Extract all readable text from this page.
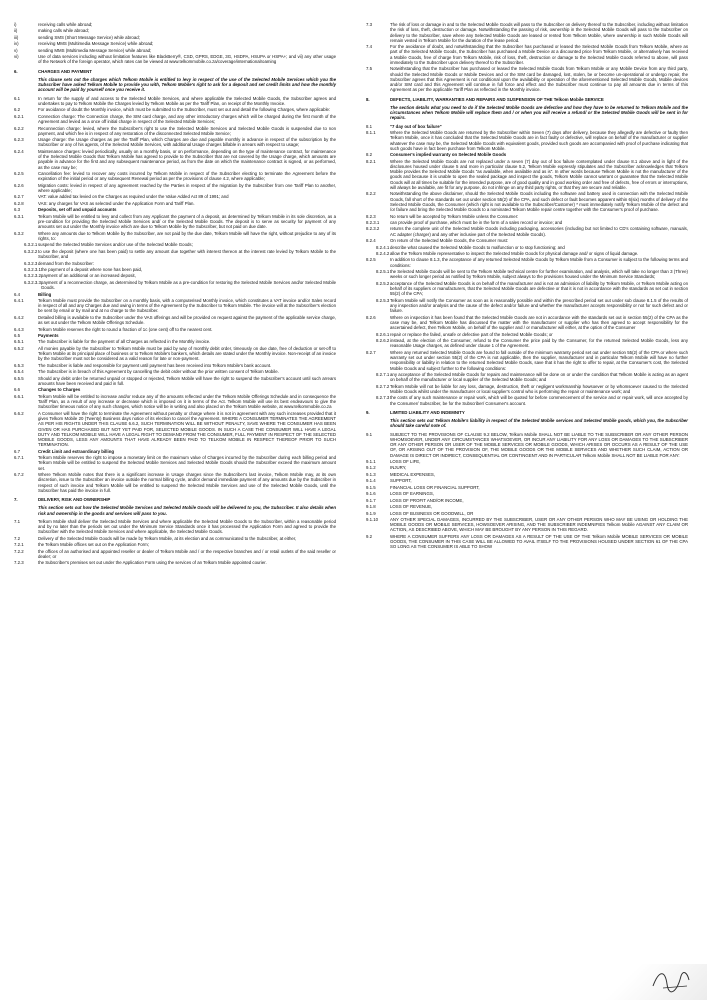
i)	receiving calls while abroad;
ii)	making calls while abroad;
iii)	sending SMS (Short Message Service) while abroad;
iv)	receiving MMS (Multimedia Message Service) while abroad;
v)	sending MMS (Multimedia Message Service) while abroad;
vi)	Use of data services including without limitation features like BlackBerry®, CSD, GPRS, EDGE, 3G, HSDPA, HSUPA or HSPA+; and vii) any other usage of the Network of the foreign operator, which rates can be viewed at www.telkommobile.co.za/coverage/internationalroaming
6.	CHARGES AND PAYMENT
This clause sets out the charges which Telkom Mobile is entitled to levy in respect of the use of the Selected Mobile Services which you the Subscriber have asked Telkom Mobile to provide you with, Telkom Mobile's right to ask for a deposit and set credit limits and how the monthly account will be paid by yourself once you receive it.
6.1	In return for the supply of and access to the Selected Mobile Services, and where applicable the Selected Mobile Goods, the Subscriber agrees and undertakes to pay to Telkom Mobile the Charges levied by Telkom Mobile as per the Tariff Plan, on receipt of the Monthly Invoice.
6.2	For avoidance of doubt the Monthly invoice, which must be submitted to the Subscriber, must set out and detail the following Charges, where applicable:
6.2.1	Connection charge: The Connection charge, the SIM card charge, and any other introductory charges which will be charged during the first month of the Agreement and levied as a once off initial charge in respect of the Selected Mobile Services;
6.2.2	Reconnection charge: levied, where the Subscriber's right to use the Selected Mobile Services and Selected Mobile Goods is suspended due to non payment, and which fee is in respect of any restoration of the disconnected Selected Mobile Service;
6.2.3	Usage charge: the Usage charges as per the Tariff Plan, which Charges are due and payable monthly in advance in respect of the subscription by the Subscriber or any of his agents, of the Selected Mobile Services, with additional Usage charges billable in arrears with respect to usage;
6.2.4	Maintenance charges: levied periodically, usually on a monthly basis, or on performance, depending on the type of maintenance contract, for maintenance of the Selected Mobile Goods that Telkom Mobile has agreed to provide to the Subscriber that are not covered by the Usage charge, which amounts are payable in advance for the first and any subsequent maintenance period, as from the date on which the maintenance contract is signed, or as performed, as the case may be;
6.2.5	Cancellation fee: levied to recover any costs incurred by Telkom Mobile in respect of the Subscriber electing to terminate the Agreement before the expiration of the initial period or any subsequent Renewal period as per the provisions of clause 4.2, where applicable;
6.2.6	Migration costs: levied in respect of any agreement reached by the Parties in respect of the migration by the Subscriber from one Tariff Plan to another, where applicable;
6.2.7	VAT: value added tax levied on the Charges as required under the Value Added Act 89 of 1991; and
6.2.8	VAS: any charges for VAS as selected under the Application Form and Tariff Plan.
6.3	Deposits, set off and unpaid accounts
6.3.1	Telkom Mobile will be entitled to levy and collect from any Applicant the payment of a deposit, as determined by Telkom Mobile in its sole discretion, as a pre-condition for providing the Selected Mobile Services and/ or the Selected Mobile Goods. The deposit is to serve as security for payment of any amounts set out under the Monthly invoice which are due to Telkom Mobile by the Subscriber, but not paid on due date.
6.3.2	Where any amounts due to Telkom Mobile by the Subscriber, are not paid by the due date, Telkom Mobile will have the right, without prejudice to any of its rights, to:
6.3.2.1 suspend the Selected Mobile Services and/or use of the Selected Mobile Goods;
6.3.2.2 to use the deposit (where one has been paid) to settle any amount due together with interest thereon at the interest rate levied by Telkom Mobile to the Subscriber, and
6.3.2.3 demand from the Subscriber:
6.3.2.3.1 the payment of a deposit where none has been paid,
6.3.2.3.2 payment of an additional or an increased deposit,
6.3.2.3.3 payment of a reconnection charge, as determined by Telkom Mobile as a pre-condition for restoring the Selected Mobile Services and/or Selected Mobile Goods.
6.4	Billing
6.4.1	Telkom Mobile must provide the Subscriber on a monthly basis, with a computerised Monthly invoice, which constitutes a VAT invoice and/or Sales record in respect of all and any Charges due and owing in terms of the Agreement by the Subscriber to Telkom Mobile. The invoice will at the Subscriber's election be sent by email or by mail and at no charge to the Subscriber.
6.4.2	Detailed billing is available to the Subscriber under the VAS offerings and will be provided on request against the payment of the applicable service charge, as set out under the Telkom Mobile Offerings Schedule.
6.4.3	Telkom Mobile reserves the right to round a fraction of 1c (one cent) off to the nearest cent.
6.5	Payments
6.5.1	The Subscriber is liable for the payment of all Charges as reflected in the Monthly invoice.
6.5.2	All monies payable by the Subscriber to Telkom Mobile must be paid by way of monthly debit order, timeously on due date, free of deduction or set-off to Telkom Mobile at its principal place of business or to Telkom Mobile's bankers, which details are stated under the Monthly invoice. Non-receipt of an invoice by the Subscriber must not be considered as a valid reason for late or non-payment.
6.5.3	The Subscriber is liable and responsible for payment until payment has been received into Telkom Mobile's bank account.
6.5.4	The Subscriber is in breach of this Agreement by cancelling the debit order without the prior written consent of Telkom Mobile.
6.5.5	Should any debit order be returned unpaid or stopped or rejected, Telkom Mobile will have the right to suspend the Subscriber's account until such arrears amounts have been received and paid in full.
6.6	Changes to Charges
6.6.1	Telkom Mobile will be entitled to increase and/or reduce any of the amounts reflected under the Telkom Mobile Offerings Schedule and in consequence the Tariff Plan, as a result of any increase or decrease which is imposed on it in terms of the Act. Telkom Mobile will use its best endeavours to give the Subscriber timeous notice of any such changes, which notice will be in writing and also placed on the Telkom Mobile website, at www.telkommobile.co.za
6.6.2	A Consumer will have the right to terminate the Agreement without penalty or charge where it is not in agreement with any such increases provided that it gives Telkom Mobile 20 (Twenty) Business days notice of its election to cancel the Agreement. WHERE A CONSUMER TERMINATES THE AGREEMENT AS PER HIS RIGHTS UNDER THIS CLAUSE 6.6.2, SUCH TERMINATION WILL BE WITHOUT PENALTY, SAVE WHERE THE CONSUMER HAS BEEN GIVEN OR HAS PURCHASED BUT NOT YET PAID FOR, SELECTED MOBILE GOODS. IN SUCH A CASE THE CONSUMER WILL HAVE A LEGAL DUTY AND TELKOM MOBILE WILL HAVE A LEGAL RIGHT TO DEMAND FROM THE CONSUMER, FULL PAYMENT IN RESPECT OF THE SELECTED MOBILE GOODS, LESS ANY AMOUNTS THAT HAVE ALREADY BEEN PAID TO TELKOM MOBILE IN RESPECT THEREOF PRIOR TO SUCH TERMINATION.
6.7	Credit Limit and extraordinary billing
6.7.1	Telkom Mobile reserves the right to impose a monetary limit on the maximum value of Charges incurred by the Subscriber during each billing period and Telkom Mobile will be entitled to suspend the Selected Mobile Services and Selected Mobile Goods should the Subscriber exceed the maximum amount set.
6.7.2	Where Telkom Mobile notes that there is a significant increase in Usage charges since the Subscriber's last invoice, Telkom Mobile may, at its own discretion, issue to the Subscriber an invoice outside the normal billing cycle, and/or demand immediate payment of any amounts due by the Subscriber in respect of such invoice and Telkom Mobile will be entitled to suspend the Selected Mobile Services and use of the Selected Mobile Goods, until the Subscriber has paid the invoice in full.
7.	DELIVERY, RISK AND OWNERSHIP
This section sets out how the Selected Mobile Services and Selected Mobile Goods will be delivered to you, the Subscriber. It also details when risk and ownership in the goods and services will pass to you.
7.1	Telkom Mobile shall deliver the Selected Mobile Services and where applicable the Selected Mobile Goods to the Subscriber, within a reasonable period and by no later than the periods set out under the Minimum Service Standards once it has processed the Application Form and agreed to provide the Subscriber with the Selected Mobile Services and where applicable, the Selected Mobile Goods.
7.2	Delivery of the Selected Mobile Goods will be made by Telkom Mobile, at its election and as communicated to the Subscriber, at either,
7.2.1	the Telkom Mobile offices set out on the Application Form;
7.2.2	the offices of an authorised and appointed reseller or dealer of Telkom Mobile and / or the respective branches and / or retail outlets of the said reseller or dealer; or
7.2.3	the Subscriber's premises set out under the Application Form using the services of an Telkom Mobile appointed courier.
7.3	The risk of loss or damage in and to the Selected Mobile Goods will pass to the Subscriber on delivery thereof to the Subscriber, including without limitation the risk of loss, theft, destruction or damage. Notwithstanding the passing of risk, ownership in the Selected Mobile Goods will pass to the Subscriber on delivery to the Subscriber, save where any Selected Mobile Goods are leased or rented from Telkom Mobile, where ownership in such Mobile Goods will remain vested in Telkom Mobile for the duration of the lease period.
7.4	For the avoidance of doubt, and notwithstanding that the Subscriber has purchased or leased the Selected Mobile Goods from Telkom Mobile, where as part of the Selected Mobile Goods, the Subscriber has purchased a Mobile Device at a discounted price from Telkom Mobile, or alternatively has received a Mobile Goods, free of charge from Telkom Mobile, risk of loss, theft, destruction or damage to the Selected Mobile Goods referred to above, will pass immediately to the Subscriber upon delivery thereof to the Subscriber.
7.5	Notwithstanding that the Subscriber has purchased or leased the Selected Mobile Goods from Telkom Mobile or any Mobile Device from any third party, should the Selected Mobile Goods or Mobile Devices and or the SIM card be damaged, lost, stolen, be or become un-operational or undergo repair, the Subscriber agrees that this Agreement is not conditional upon the availability or operation of the aforementioned Selected Mobile Goods, Mobile devices and/or SIM card and this Agreement will continue in full force and effect and the Subscriber must continue to pay all amounts due in terms of this Agreement as per the applicable Tariff Plan as reflected in the Monthly invoice.
8.	DEFECTS, LIABILITY, WARRANTIES AND REPAIRS AND SUSPENSION OF THE Telkom Mobile SERVICE
The section details what you need to do if the Selected Mobile Goods are defective and how they have to be returned to Telkom Mobile and the circumstances when Telkom Mobile will replace them and / or when you will receive a refund/ or the Selected Mobile Goods will be sent in for repairs.
8.1	"7 day out of box failure"
8.1.1	Where the Selected Mobile Goods are returned by the Subscriber within Seven (7) days after delivery, because they allegedly are defective or faulty then Telkom Mobile, once it has concluded that the Selected Mobile Goods are in fact faulty or defective, will replace on behalf of the manufacturer or supplier whatever the case may be, the Selected Mobile Goods with equivalent goods, provided such goods are accompanied with proof of purchase indicating that such goods have in fact been purchase from Telkom Mobile.
8.2	Consumer's implied warranty on Selected Mobile Goods
8.2.1	Where the Selected Mobile Goods are not replaced under a seven (7) day out of box failure contemplated under clause 8.1 above and in light of the disclosures housed under clause 5 and more in particular clause 5.2, Telkom Mobile expressly stipulates and the Subscriber acknowledges that Telkom Mobile provides the Selected Mobile Goods "as available, when available and as is". In other words because Telkom Mobile is not the manufacturer of the goods and because it is unable to open the sealed package and inspect the goods, Telkom Mobile cannot warrant or guarantee that the Selected Mobile Goods will at all times be suitable for the intended purpose, are of good quality and in good working order and free of defects, free of errors or interruptions, will always be available, are fit for any purpose, do not infringe on any third party rights, or that they are secure and reliable.
8.2.2	Notwithstanding the above disclaimer, should the Selected Mobile Goods including the software and battery used in connection with the Selected Mobile Goods, fall short of the standards set out under section 55(2) of the CPA, and such defect or fault becomes apparent within 6(six) months of delivery of the Selected Mobile Goods, the Consumer (which right is not available to the Subscriber/Customer) * must immediately notify Telkom Mobile of the defect and /or failure and bring the Selected Mobile Goods to a nominated Telkom Mobile repair centre together with the Consumer's proof of purchase.
8.2.3	No return will be accepted by Telkom Mobile unless the Consumer:
8.2.3.1	can provide proof of purchase, which must be in the form of a sales record or invoice; and
8.2.3.2	returns the complete unit of the Selected Mobile Goods including packaging, accessories (including but not limited to CD's containing software, manuals, AC adapter (charger) and any other inclusive part of the Selected Mobile Goods).
8.2.4	On return of the Selected Mobile Goods, the Consumer must:
8.2.4.1 describe what caused the Selected Mobile Goods to malfunction or to stop functioning; and
8.2.4.2 allow the Telkom Mobile representative to inspect the Selected Mobile Goods for physical damage and/ or signs of liquid damage.
8.2.5	In addition to clause 8.1.3, the acceptance of any returned Selected Mobile Goods by Telkom Mobile from a Consumer is subject to the following terms and conditions:
8.2.5.1 the Selected Mobile Goods will be sent to the Telkom Mobile technical centre for further examination, and analysis, which will take no longer than 3 (Three) weeks or such longer period as notified by Telkom Mobile, subject always to the provisions housed under the Minimum Service Standards;
8.2.5.2 acceptance of the Selected Mobile Goods is on behalf of the manufacturer and is not an admission of liability by Telkom Mobile, or Telkom Mobile acting on behalf of its suppliers or manufacturers, that the Selected Mobile Goods are defective or that it is not in accordance with the standards as set out in section 55(2) of the CPA;
8.2.5.3 Telkom Mobile will notify the Consumer as soon as is reasonably possible and within the prescribed period set out under sub clause 8.1.5 of the results of any inspection and/or analysis and the cause of the defect and/or failure and whether the manufacturer accepts responsibility or not for such defect and or failure.
8.2.6	Where on inspection it has been found that the Selected Mobile Goods are not in accordance with the standards set out in section 55(2) of the CPA as the case may be, and Telkom Mobile has discussed the matter with the manufacturer or supplier who has then agreed to accept responsibility for the ascertained defect, then Telkom Mobile, on behalf of the supplier and / or manufacturer will either, at the option of the Consumer
8.2.6.1 repair or replace the failed, unsafe or defective part of the Selected Mobile Goods; or
8.2.6.2 instead, at the election of the Consumer, refund to the Consumer the price paid by the Consumer, for the returned Selected Mobile Goods, less any reasonable Usage charges, as defined under clause 1 of the Agreement.
8.2.7	Where any returned Selected Mobile Goods are found to fall outside of the minimum warranty period set out under section 55(2) of the CPA or where such warranty set out under section 55(2) of the CPA is not applicable, then the supplier, manufacturer and in particular Telkom Mobile will have no further responsibility or liability in relation to the returned Selected Mobile Goods, save that it has the right to offer to repair, at the Consumer's cost, the Selected Mobile Goods and subject further to the following conditions:
8.2.7.1 any acceptance of the Selected Mobile Goods for repairs and maintenance will be done on or under the condition that Telkom Mobile is acting as an agent on behalf of the manufacturer or local supplier of the Selected Mobile Goods; and
8.2.7.2 Telkom Mobile will not be liable for any loss, damage, destruction, theft or negligent workmanship howsoever or by whomsoever caused to the Selected Mobile Goods whilst under the manufacturer or local supplier's control who is performing the repair or maintenance work; and
8.2.7.3 the costs of any such maintenance or repair work, which will be quoted for before commencement of the service and or repair work, will once accepted by the Consumer/ Subscriber, be for the Subscriber/ Consumer's account.
9.	LIMITED LIABILITY AND INDEMNITY
This section sets out Telkom Mobile's liability in respect of the Selected Mobile services and Selected Mobile goods, which you, the Subscriber should take careful note of.
9.1	SUBJECT TO THE PROVISIONS OF CLAUSE 9.2 BELOW, Telkom Mobile SHALL NOT BE LIABLE TO THE SUBSCRIBER OR ANY OTHER PERSON WHOMSOEVER, UNDER ANY CIRCUMSTANCES WHATSOEVER, OR INCUR ANY LIABILITY FOR ANY LOSS OR DAMAGES TO THE SUBSCRIBER OR ANY OTHER PERSON OR USER OF THE MOBILE SERVICES OR MOBILE GOODS, WHICH ARISES OR OCCURS AS A RESULT OF THE USE OF, OR ARISING OUT OF THE PROVISION OF, THE MOBILE GOODS OR THE MOBILE SERVICES AND WHETHER SUCH CLAIM, ACTION OR DAMAGE IS DIRECT OR INDIRECT, CONSEQUENTIAL OR CONTINGENT AND IN PARTICULAR Telkom Mobile SHALL NOT BE LIABLE FOR ANY:
9.1.1	LOSS OF LIFE,
9.1.2	INJURY,
9.1.3	MEDICAL EXPENSES,
9.1.4	SUPPORT,
9.1.5	FINANCIAL LOSS OR FINANCIAL SUPPORT,
9.1.6	LOSS OF EARNINGS,
9.1.7	LOSS OF PROFIT AND/OR INCOME,
9.1.8	LOSS OF REVENUE,
9.1.9	LOSS OF BUSINESS OR GOODWILL, OR
9.1.10	ANY OTHER SPECIAL DAMAGES, INCURRED BY THE SUBSCRIBER, USER OR ANY OTHER PERSON WHO MAY BE USING OR HOLDING THE MOBILE GOODS OR MOBILE SERVICES, HOWSOEVER ARISING, AND THE SUBSCRIBER INDEMNIFIES Telkom Mobile AGAINST ANY CLAIM OR ACTION, AS DESCRIBED ABOVE, WHICH MAY BE BROUGHT BY ANY PERSON IN THIS REGARD.
9.2	WHERE A CONSUMER SUFFERS ANY LOSS OR DAMAGES AS A RESULT OF THE USE OF THE Telkom Mobile MOBILE SERVICES OR MOBILE GOODS, THE CONSUMER IN THIS CASE WILL BE ALLOWED TO AVAIL ITSELF TO THE PROVISIONS HOUSED UNDER SECTION 61 OF THE CPA SO LONG AS THE CONSUMER IS ABLE TO SHOW
